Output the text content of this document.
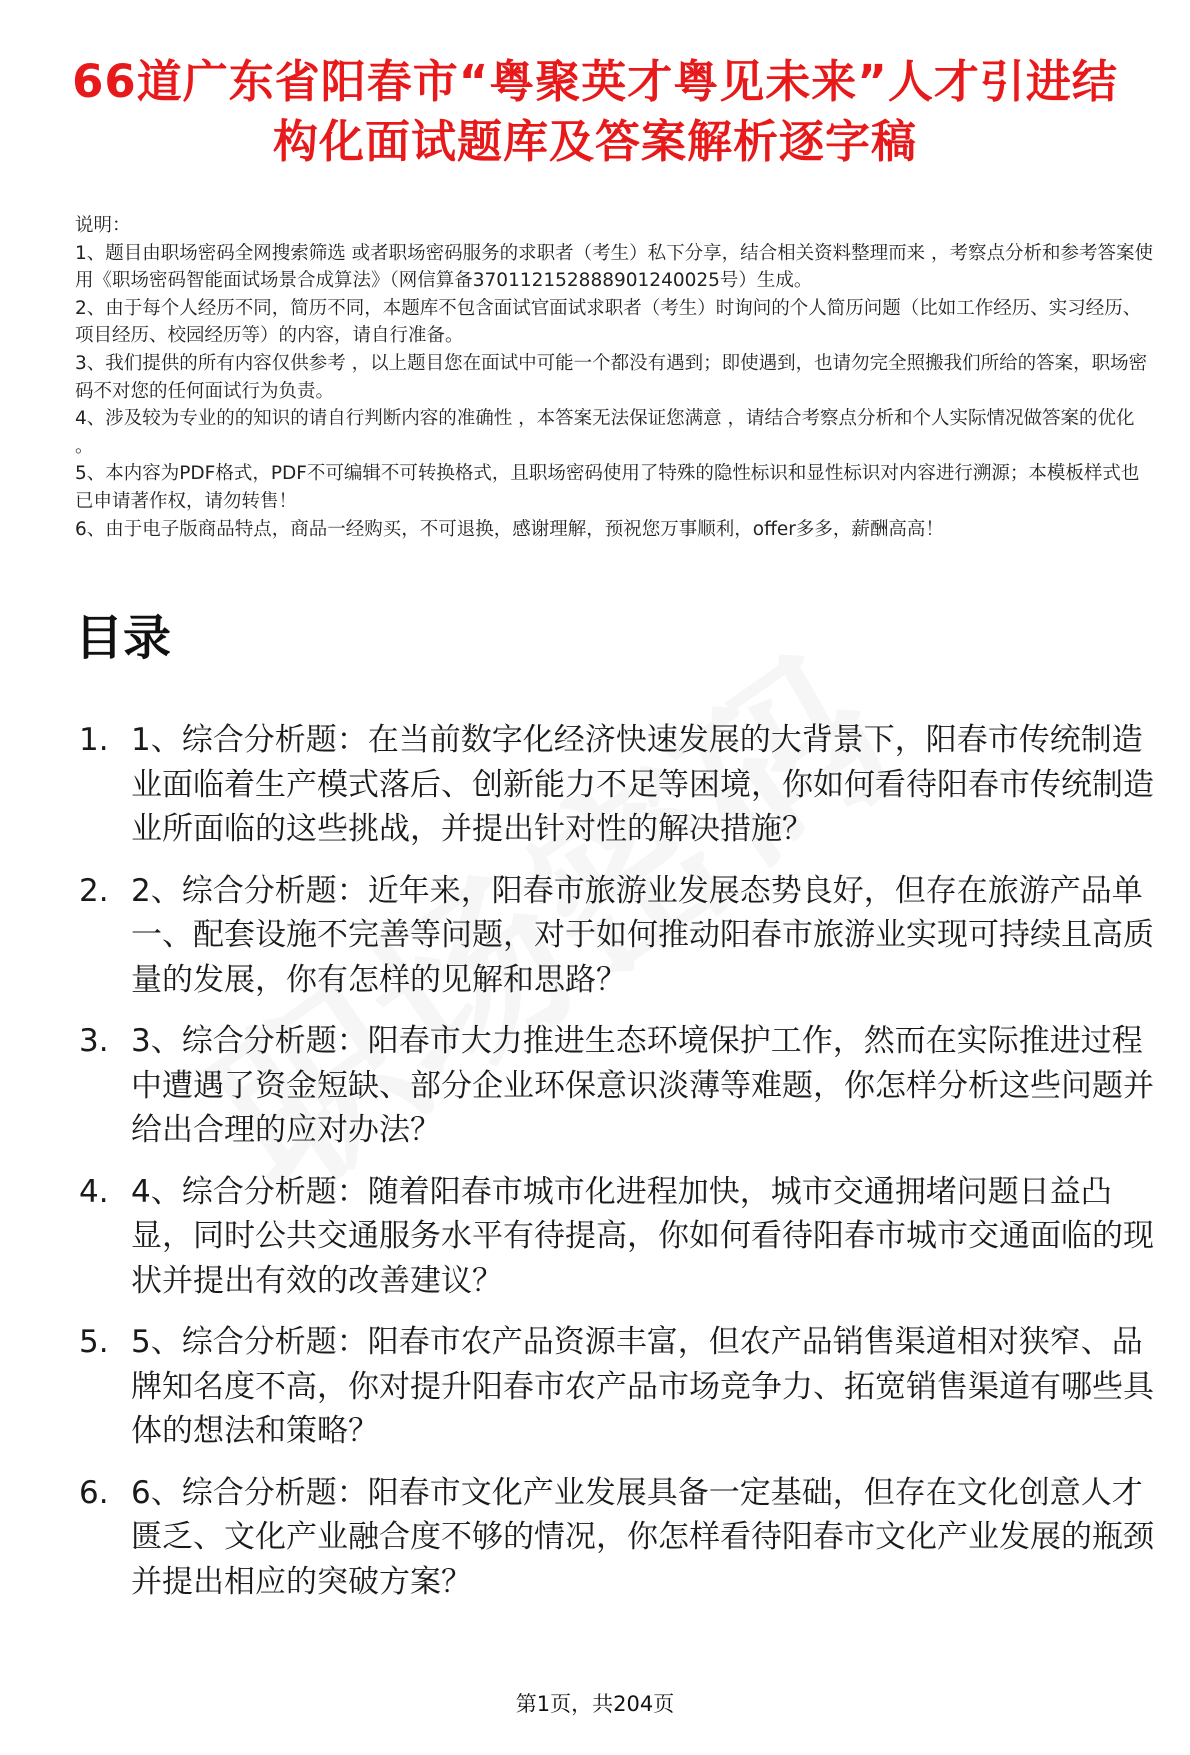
66道广东省阳春市“粤聚英才粤见未来”人才引进结构化面试题库及答案解析逐字稿

说明：

1、题目由职场密码全网搜索筛选 或者职场密码服务的求职者（考生）私下分享，结合相关资料整理而来 ，考察点分析和参考答案使用《职场密码智能面试场景合成算法》（网信算备370112152888901240025号）生成。

2、由于每个人经历不同，简历不同，本题库不包含面试官面试求职者（考生）时询问的个人简历问题（比如工作经历、实习经历、项目经历、校园经历等）的内容，请自行准备。

3、我们提供的所有内容仅供参考 ，以上题目您在面试中可能一个都没有遇到；即使遇到，也请勿完全照搬我们所给的答案，职场密码不对您的任何面试行为负责。

4、涉及较为专业的的知识的请自行判断内容的准确性 ，本答案无法保证您满意 ，请结合考察点分析和个人实际情况做答案的优化 。

5、本内容为PDF格式，PDF不可编辑不可转换格式，且职场密码使用了特殊的隐性标识和显性标识对内容进行溯源；本模板样式也已申请著作权，请勿转售！

6、由于电子版商品特点，商品一经购买，不可退换，感谢理解，预祝您万事顺利，offer多多，薪酬高高！

目录
1. 1、综合分析题：在当前数字化经济快速发展的大背景下，阳春市传统制造业面临着生产模式落后、创新能力不足等困境，你如何看待阳春市传统制造业所面临的这些挑战，并提出针对性的解决措施？
2. 2、综合分析题：近年来，阳春市旅游业发展态势良好，但存在旅游产品单一、配套设施不完善等问题，对于如何推动阳春市旅游业实现可持续且高质量的发展，你有怎样的见解和思路？
3. 3、综合分析题：阳春市大力推进生态环境保护工作，然而在实际推进过程中遭遇了资金短缺、部分企业环保意识淡薄等难题，你怎样分析这些问题并给出合理的应对办法？
4. 4、综合分析题：随着阳春市城市化进程加快，城市交通拥堵问题日益凸显，同时公共交通服务水平有待提高，你如何看待阳春市城市交通面临的现状并提出有效的改善建议？
5. 5、综合分析题：阳春市农产品资源丰富，但农产品销售渠道相对狭窄、品牌知名度不高，你对提升阳春市农产品市场竞争力、拓宽销售渠道有哪些具体的想法和策略？
6. 6、综合分析题：阳春市文化产业发展具备一定基础，但存在文化创意人才匮乏、文化产业融合度不够的情况，你怎样看待阳春市文化产业发展的瓶颈并提出相应的突破方案？
第1页，共204页
